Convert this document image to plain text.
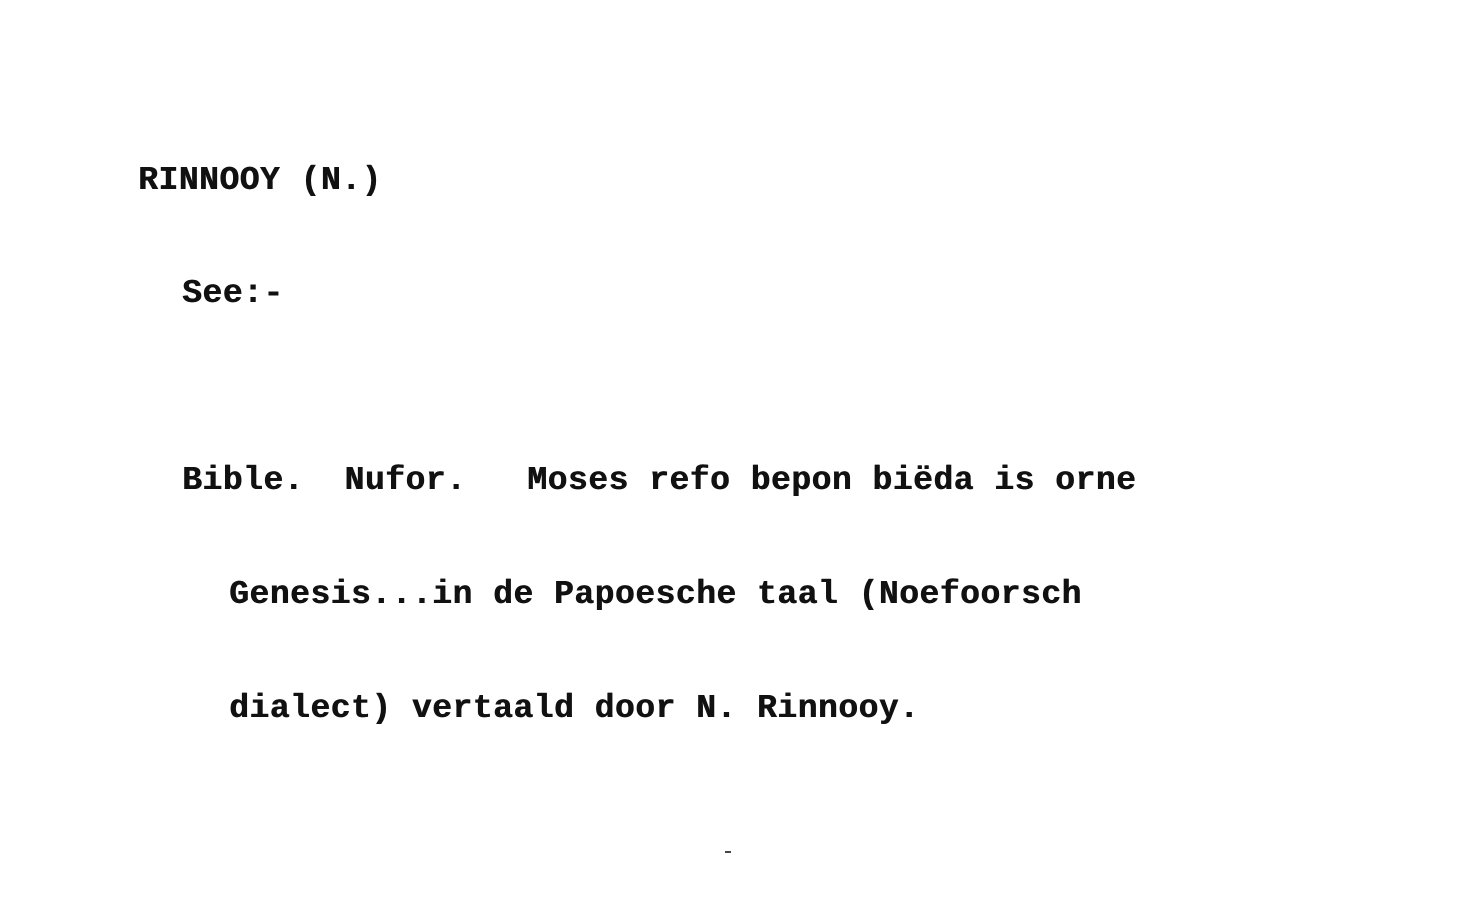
RINNOOY (N.)
See:-

Bible.  Nufor.   Moses refo bepon biëda is orne

Genesis...in de Papoesche taal (Noefoorsch

dialect) vertaald door N. Rinnooy.
